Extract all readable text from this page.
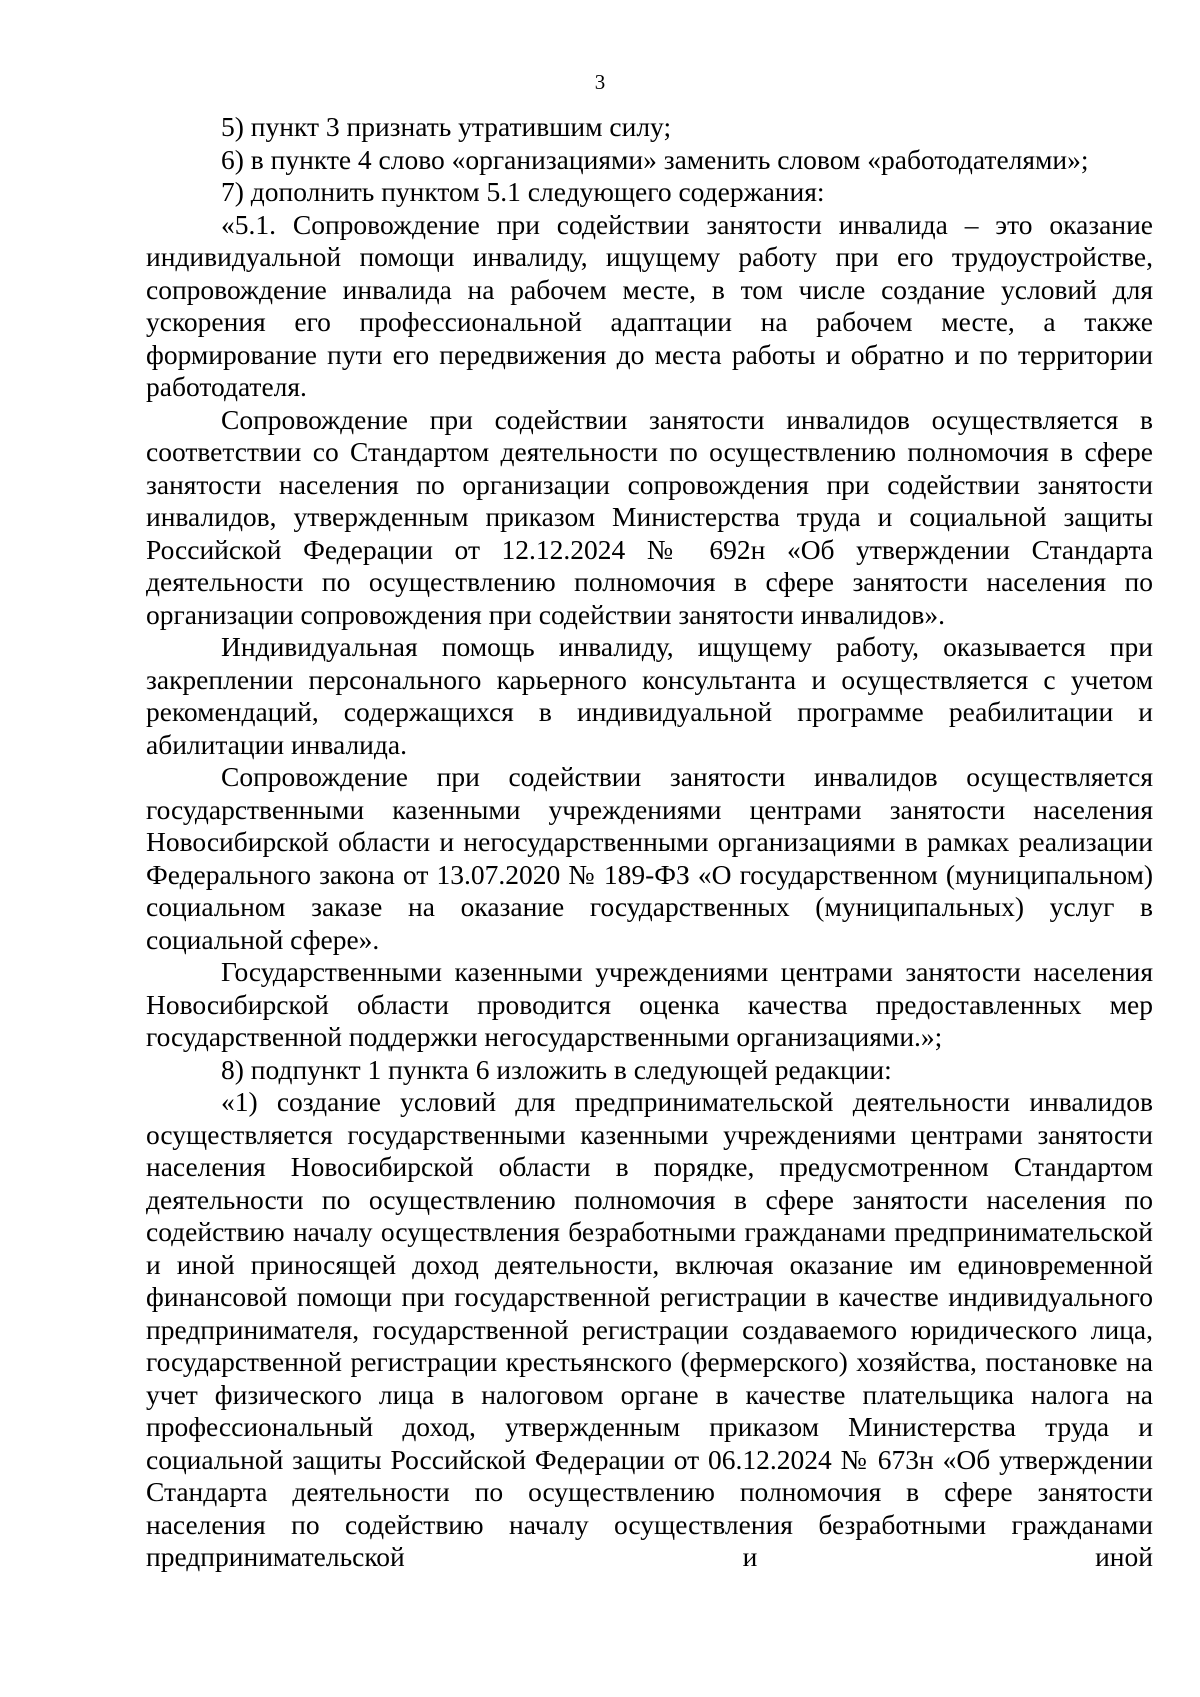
3

5) пункт 3 признать утратившим силу;

6) в пункте 4 слово «организациями» заменить словом «работодателями»;

7) дополнить пунктом 5.1 следующего содержания:

«5.1. Сопровождение при содействии занятости инвалида – это оказание индивидуальной помощи инвалиду, ищущему работу при его трудоустройстве, сопровождение инвалида на рабочем месте, в том числе создание условий для ускорения его профессиональной адаптации на рабочем месте, а также формирование пути его передвижения до места работы и обратно и по территории работодателя.

Сопровождение при содействии занятости инвалидов осуществляется в соответствии со Стандартом деятельности по осуществлению полномочия в сфере занятости населения по организации сопровождения при содействии занятости инвалидов, утвержденным приказом Министерства труда и социальной защиты Российской Федерации от 12.12.2024 № 692н «Об утверждении Стандарта деятельности по осуществлению полномочия в сфере занятости населения по организации сопровождения при содействии занятости инвалидов».

Индивидуальная помощь инвалиду, ищущему работу, оказывается при закреплении персонального карьерного консультанта и осуществляется с учетом рекомендаций, содержащихся в индивидуальной программе реабилитации и абилитации инвалида.

Сопровождение при содействии занятости инвалидов осуществляется государственными казенными учреждениями центрами занятости населения Новосибирской области и негосударственными организациями в рамках реализации Федерального закона от 13.07.2020 № 189-ФЗ «О государственном (муниципальном) социальном заказе на оказание государственных (муниципальных) услуг в социальной сфере».

Государственными казенными учреждениями центрами занятости населения Новосибирской области проводится оценка качества предоставленных мер государственной поддержки негосударственными организациями.»;

8) подпункт 1 пункта 6 изложить в следующей редакции:

«1) создание условий для предпринимательской деятельности инвалидов осуществляется государственными казенными учреждениями центрами занятости населения Новосибирской области в порядке, предусмотренном Стандартом деятельности по осуществлению полномочия в сфере занятости населения по содействию началу осуществления безработными гражданами предпринимательской и иной приносящей доход деятельности, включая оказание им единовременной финансовой помощи при государственной регистрации в качестве индивидуального предпринимателя, государственной регистрации создаваемого юридического лица, государственной регистрации крестьянского (фермерского) хозяйства, постановке на учет физического лица в налоговом органе в качестве плательщика налога на профессиональный доход, утвержденным приказом Министерства труда и социальной защиты Российской Федерации от 06.12.2024 № 673н «Об утверждении Стандарта деятельности по осуществлению полномочия в сфере занятости населения по содействию началу осуществления безработными гражданами предпринимательской и иной
